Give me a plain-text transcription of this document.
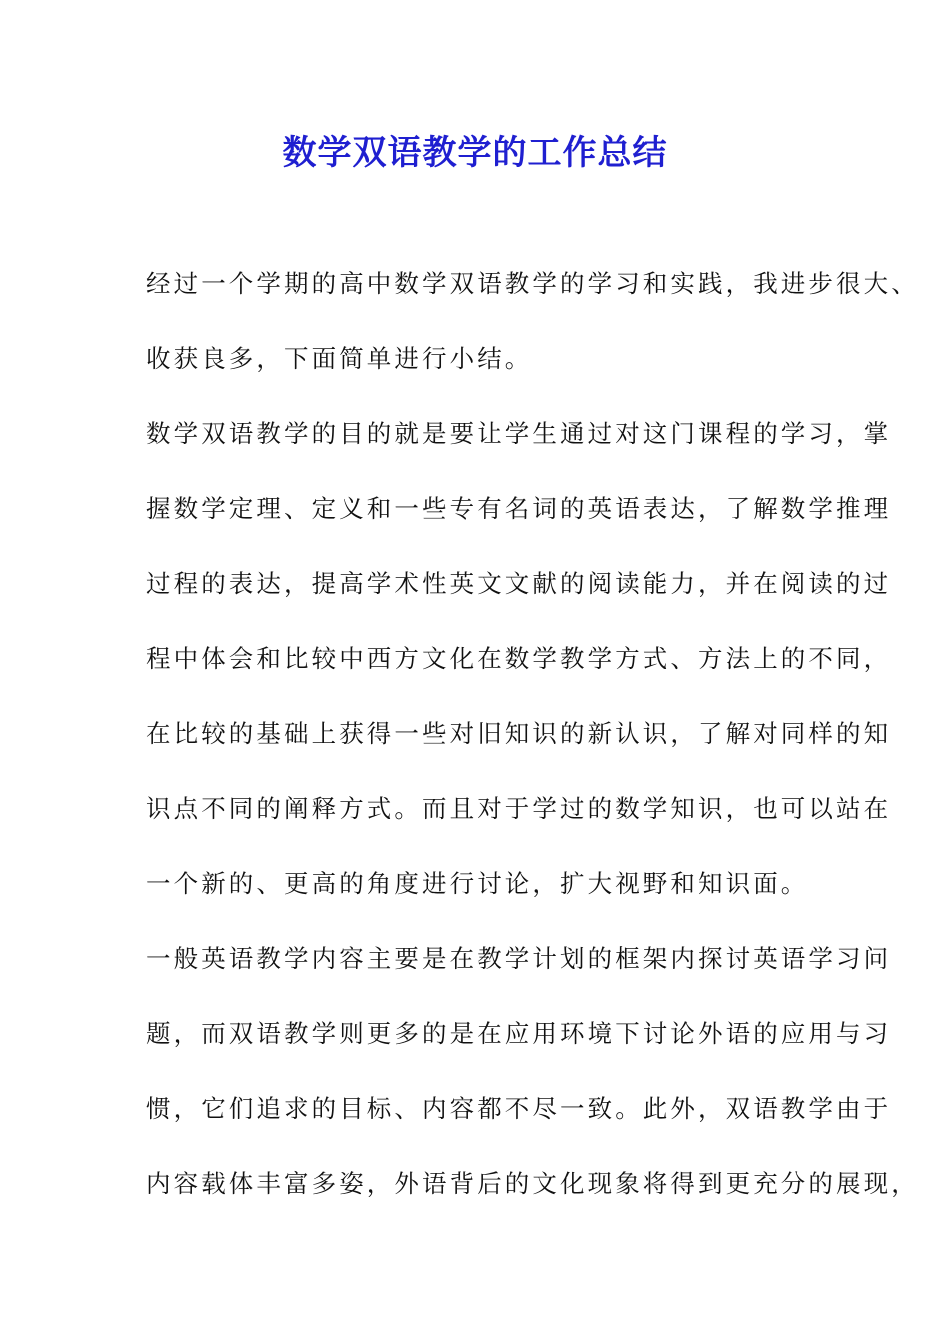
数学双语教学的工作总结
经过一个学期的高中数学双语教学的学习和实践，我进步很大、
收获良多，下面简单进行小结。
数学双语教学的目的就是要让学生通过对这门课程的学习，掌
握数学定理、定义和一些专有名词的英语表达，了解数学推理
过程的表达，提高学术性英文文献的阅读能力，并在阅读的过
程中体会和比较中西方文化在数学教学方式、方法上的不同，
在比较的基础上获得一些对旧知识的新认识，了解对同样的知
识点不同的阐释方式。而且对于学过的数学知识，也可以站在
一个新的、更高的角度进行讨论，扩大视野和知识面。
一般英语教学内容主要是在教学计划的框架内探讨英语学习问
题，而双语教学则更多的是在应用环境下讨论外语的应用与习
惯，它们追求的目标、内容都不尽一致。此外，双语教学由于
内容载体丰富多姿，外语背后的文化现象将得到更充分的展现，
